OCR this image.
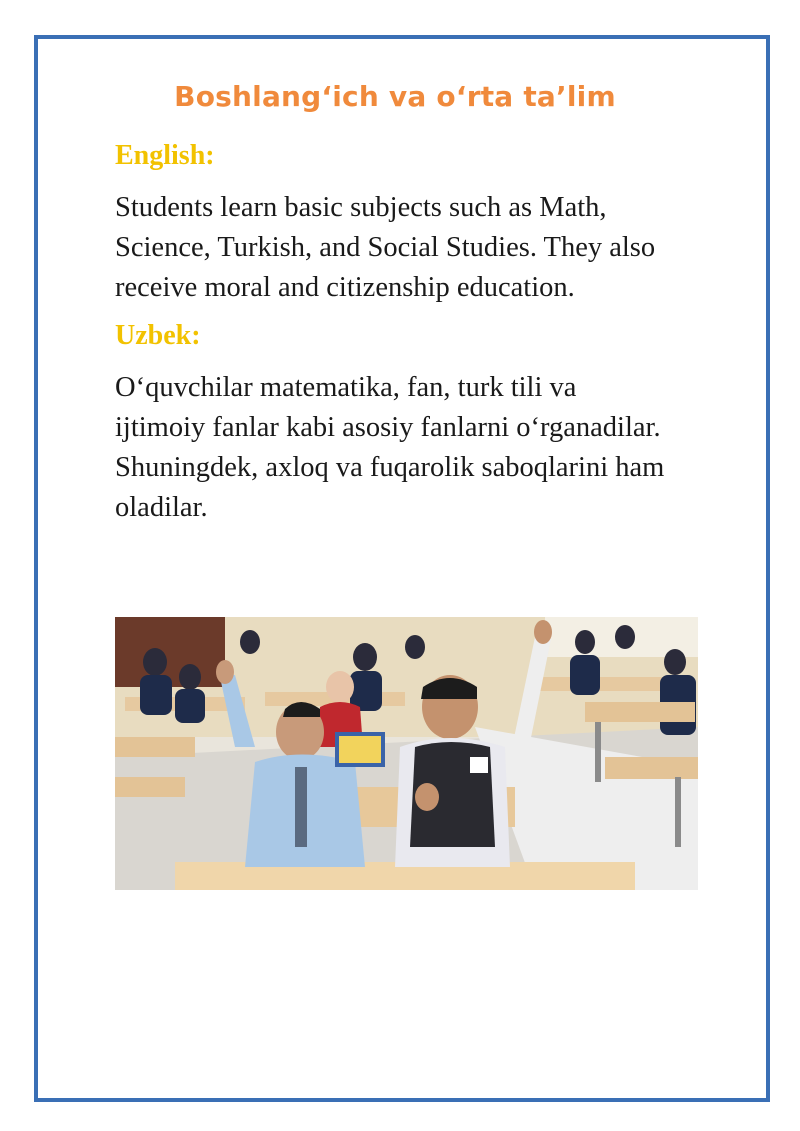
Boshlang‘ich va o‘rta ta’lim
English:
Students learn basic subjects such as Math,
Science, Turkish, and Social Studies. They also
receive moral and citizenship education.
Uzbek:
O‘quvchilar matematika, fan, turk tili va
ijtimoiy fanlar kabi asosiy fanlarni o‘rganadilar.
Shuningdek, axloq va fuqarolik saboqlarini ham
oladilar.
